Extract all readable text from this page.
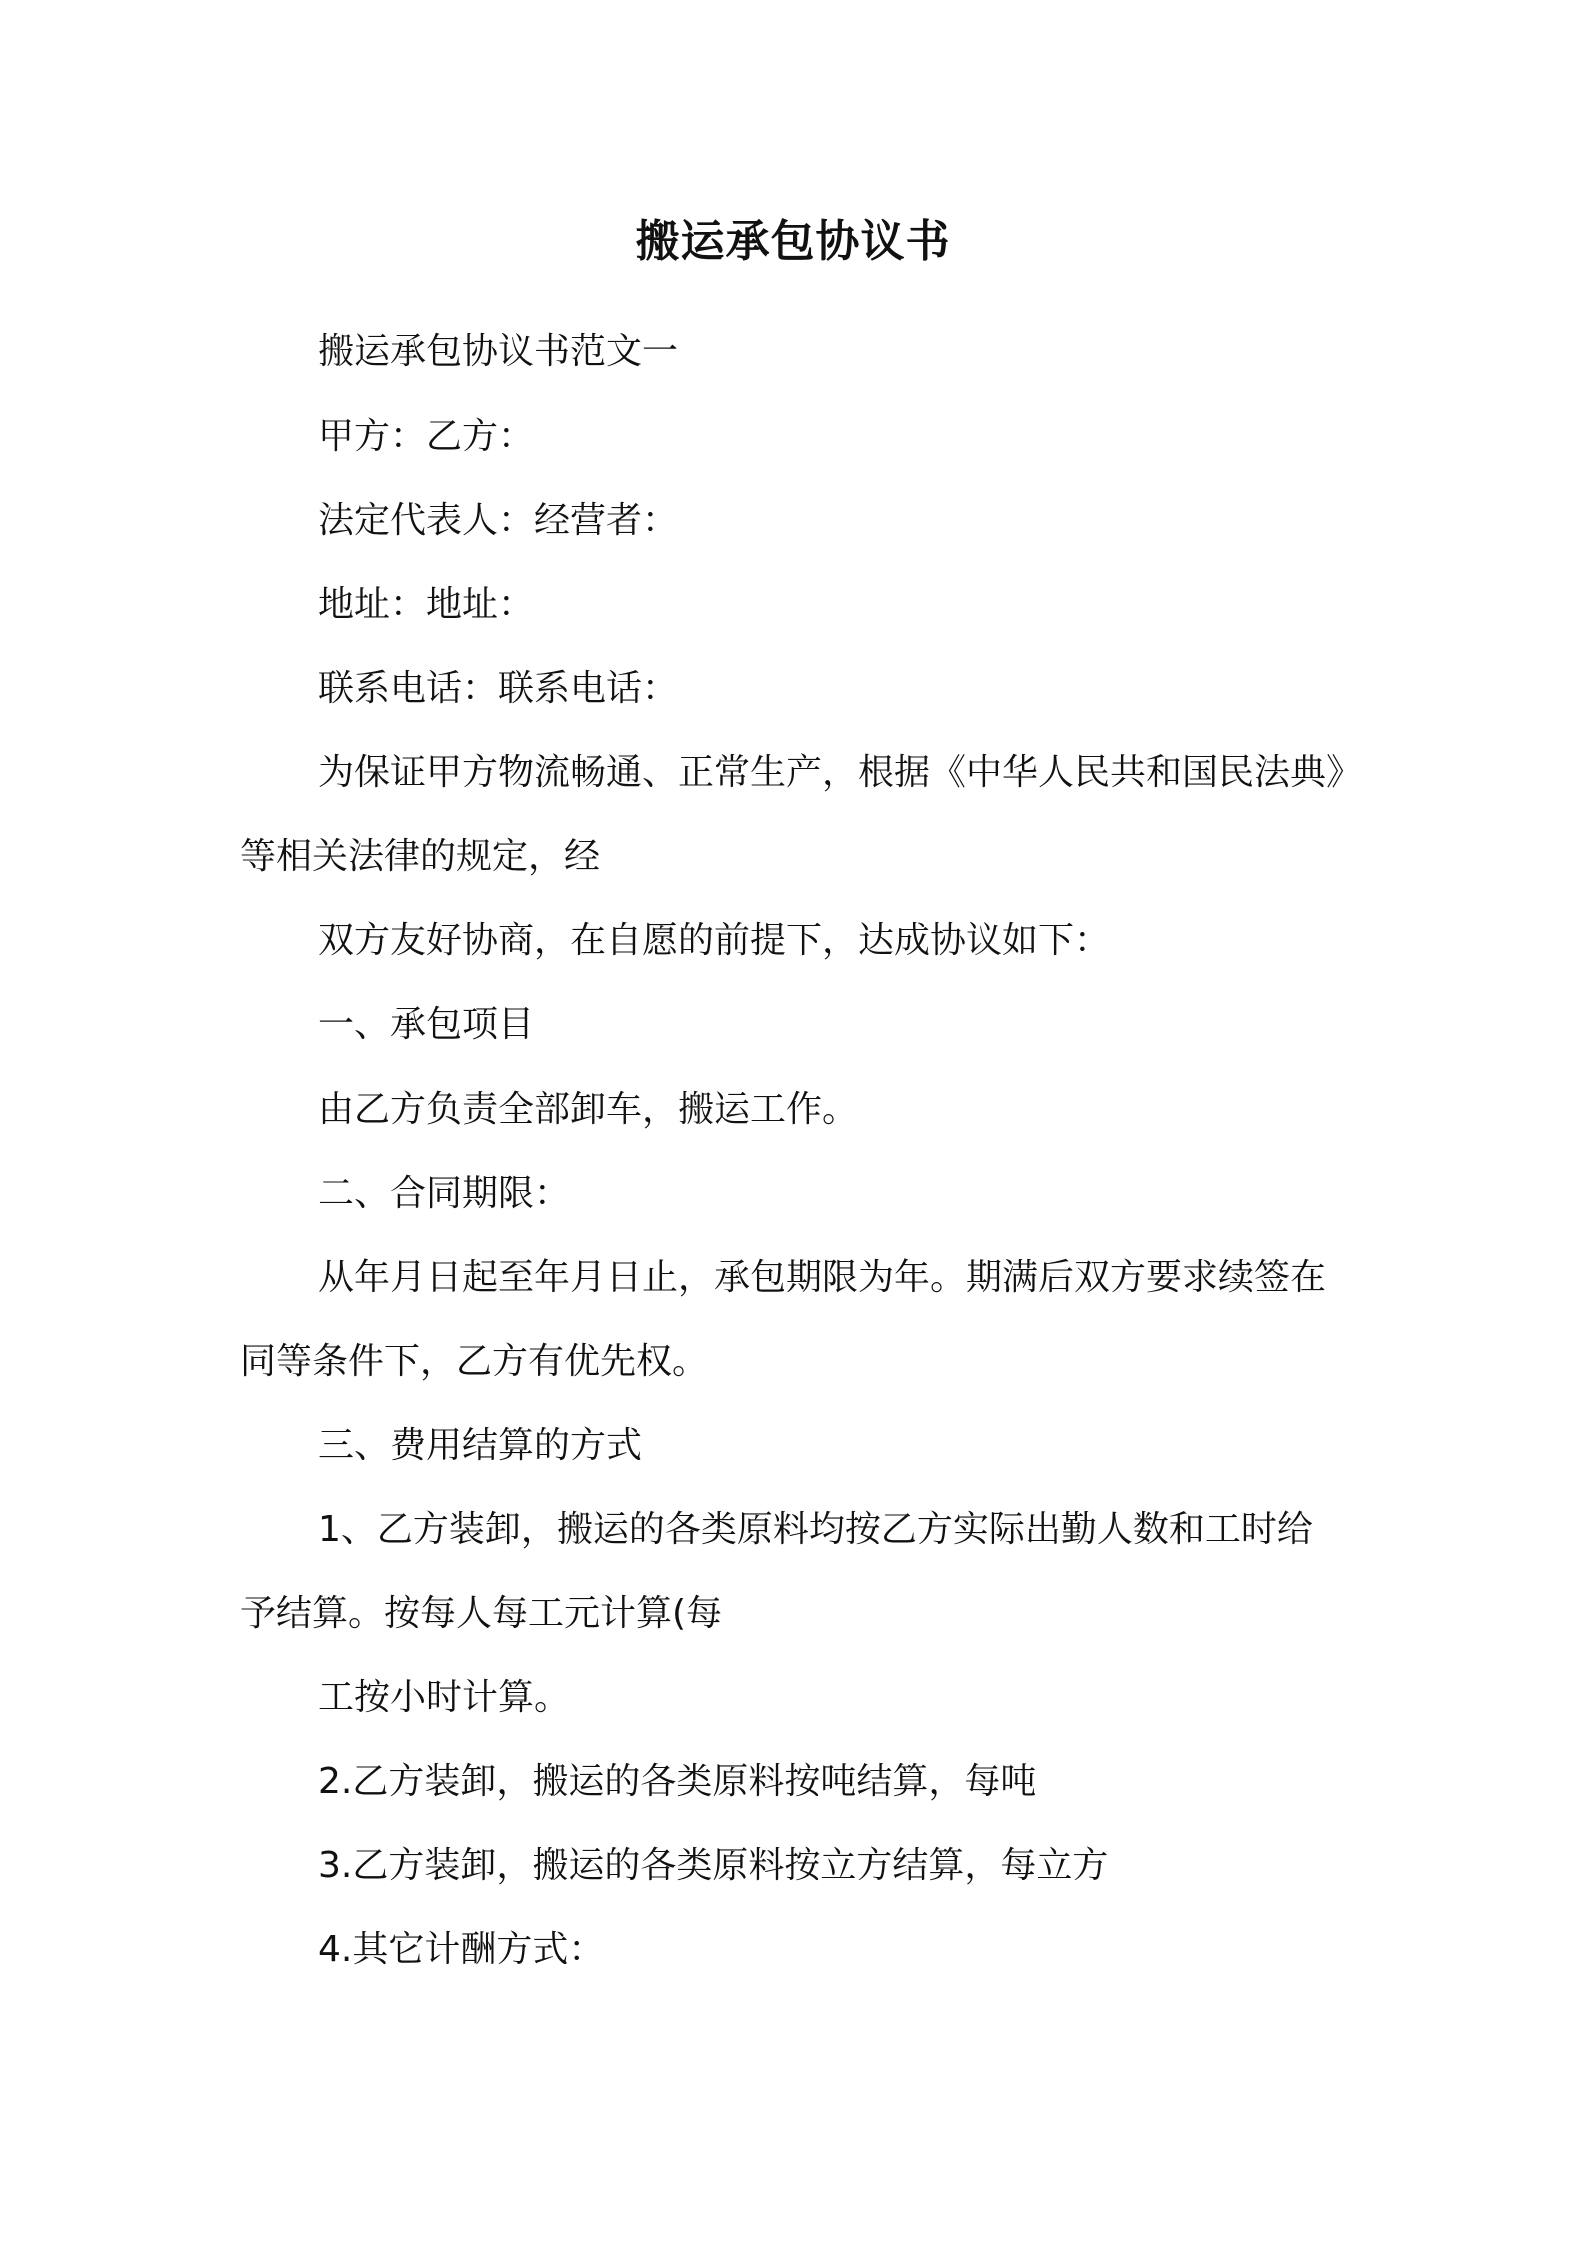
搬运承包协议书
搬运承包协议书范文一
甲方：乙方：
法定代表人：经营者：
地址：地址：
联系电话：联系电话：
为保证甲方物流畅通、正常生产，根据《中华人民共和国民法典》
等相关法律的规定，经
双方友好协商，在自愿的前提下，达成协议如下：
一、承包项目
由乙方负责全部卸车，搬运工作。
二、合同期限：
从年月日起至年月日止，承包期限为年。期满后双方要求续签在
同等条件下，乙方有优先权。
三、费用结算的方式
1、乙方装卸，搬运的各类原料均按乙方实际出勤人数和工时给
予结算。按每人每工元计算(每
工按小时计算。
2.乙方装卸，搬运的各类原料按吨结算，每吨
3.乙方装卸，搬运的各类原料按立方结算，每立方
4.其它计酬方式：
